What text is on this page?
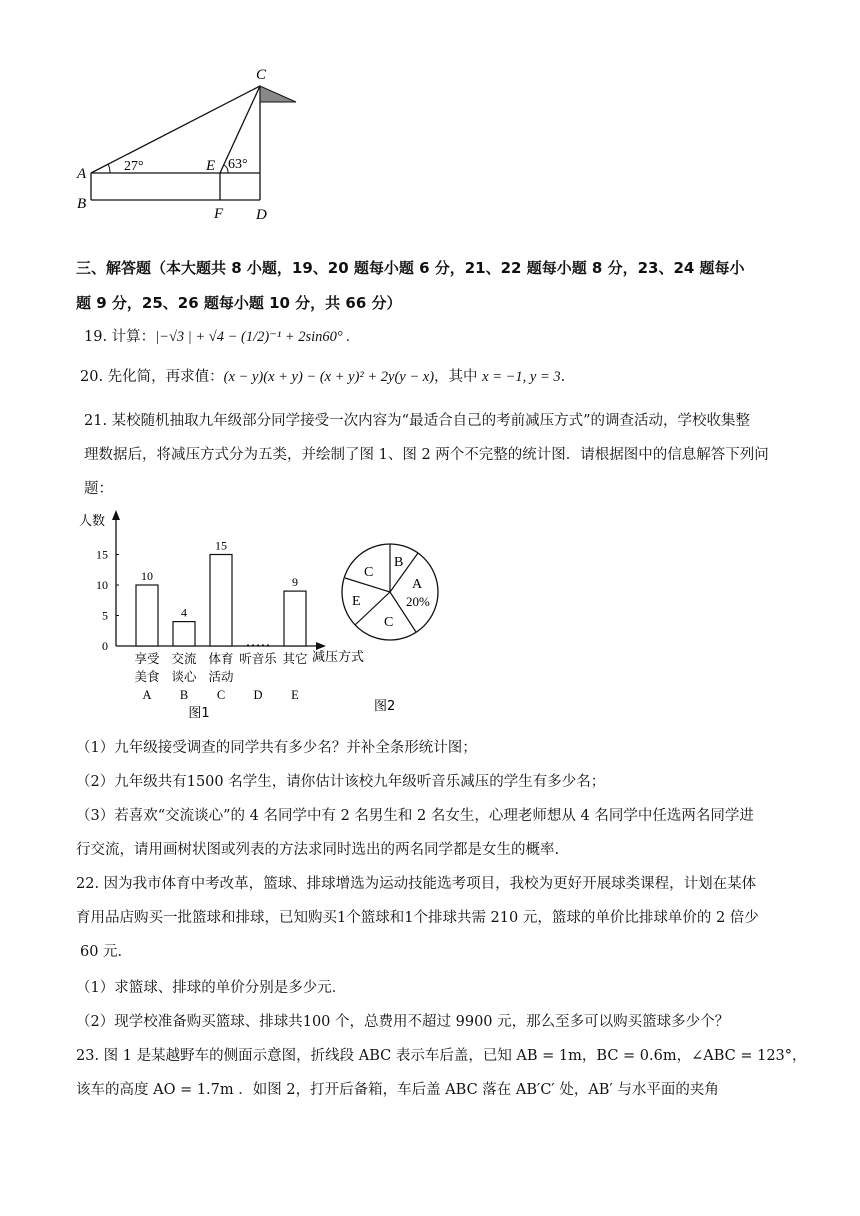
C
A
B
E
F D
27°	63°
三、解答题（本大题共 8 小题，19、20 题每小题 6 分，21、22 题每小题 8 分，23、24 题每小
题 9 分，25、26 题每小题 10 分，共 66 分）
19. 计算：|−√3 | + √4 − (1/2)⁻¹ + 2sin60° .
20. 先化简，再求值：(x − y)(x + y) − (x + y)² + 2y(y − x)，其中 x = −1, y = 3.
21. 某校随机抽取九年级部分同学接受一次内容为“最适合自己的考前减压方式”的调查活动，学校收集整
理数据后，将减压方式分为五类，并绘制了图 1、图 2 两个不完整的统计图．请根据图中的信息解答下列问
题：
人数
减压方式
0
5
10
15
10
享受
美食
A
4
交流
谈心
B
15
体育
活动
C
听音乐
D
9
其它
E
图1
B
A
20%
C
E
C
图2
（1）九年级接受调查的同学共有多少名？并补全条形统计图；
（2）九年级共有1500 名学生，请你估计该校九年级听音乐减压的学生有多少名；
（3）若喜欢“交流谈心”的 4 名同学中有 2 名男生和 2 名女生，心理老师想从 4 名同学中任选两名同学进
行交流，请用画树状图或列表的方法求同时选出的两名同学都是女生的概率.
22. 因为我市体育中考改革，篮球、排球增选为运动技能选考项目，我校为更好开展球类课程，计划在某体
育用品店购买一批篮球和排球，已知购买1个篮球和1个排球共需 210 元，篮球的单价比排球单价的 2 倍少
60 元．
（1）求篮球、排球的单价分别是多少元．
（2）现学校准备购买篮球、排球共100 个，总费用不超过 9900 元，那么至多可以购买篮球多少个？
23. 图 1 是某越野车的侧面示意图，折线段 ABC 表示车后盖，已知 AB = 1m，BC = 0.6m，∠ABC = 123°，
该车的高度 AO = 1.7m ．如图 2，打开后备箱，车后盖 ABC 落在 AB′C′ 处，AB′ 与水平面的夹角
